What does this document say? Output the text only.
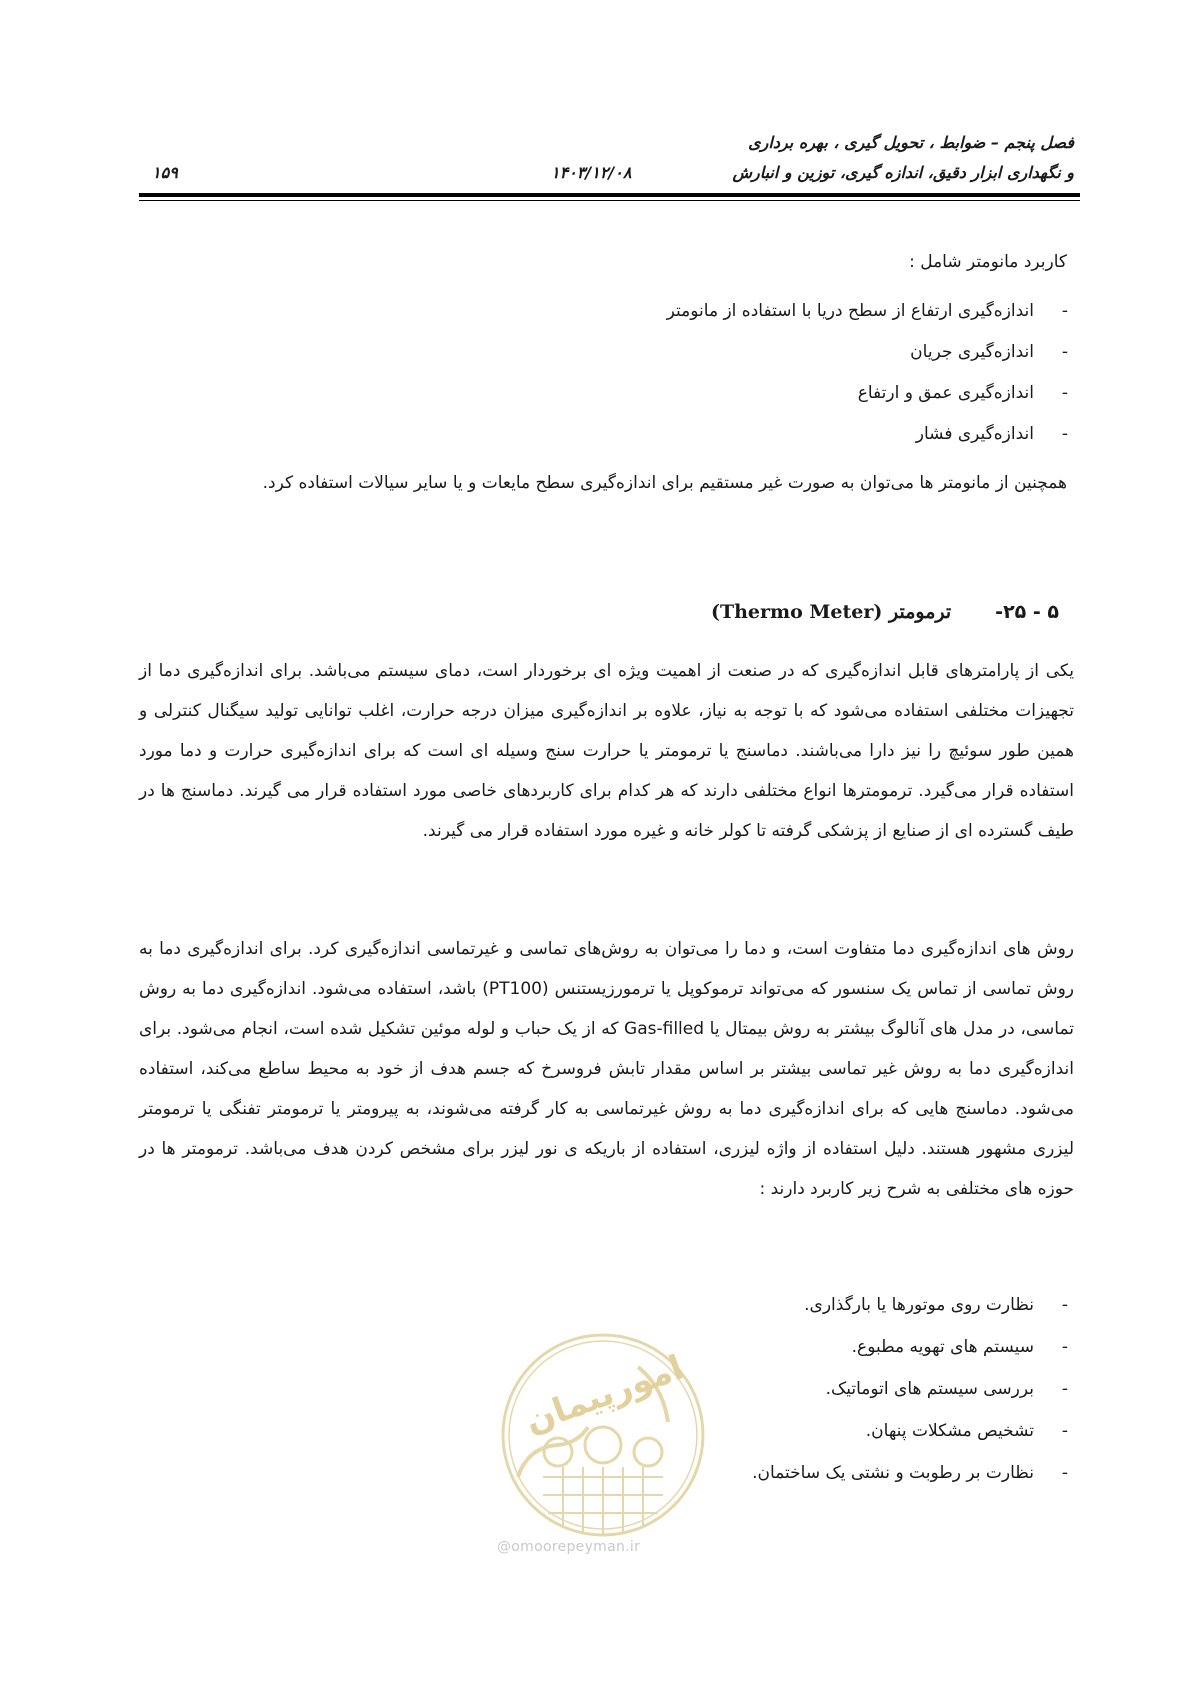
فصل پنجم – ضوابط ، تحویل گیری ، بهره برداری
و نگهداری ابزار دقیق، اندازه گیری، توزین و انبارش
۱۴۰۳/۱۲/۰۸
۱۵۹
کاربرد مانومتر شامل :
-اندازه‌گیری ارتفاع از سطح دریا با استفاده از مانومتر
-اندازه‌گیری جریان
-اندازه‌گیری عمق و ارتفاع
-اندازه‌گیری فشار
همچنین از مانومتر ها می‌توان به صورت غیر مستقیم برای اندازه‌گیری سطح مایعات و یا سایر سیالات استفاده کرد.
۵ - ۲۵-ترمومتر (Thermo Meter)

یکی از پارامترهای قابل اندازه‌گیری که در صنعت از اهمیت ویژه ای برخوردار است، دمای سیستم می‌باشد. برای اندازه‌گیری دما از تجهیزات مختلفی استفاده می‌شود که با توجه به نیاز، علاوه بر اندازه‌گیری میزان درجه حرارت، اغلب توانایی تولید سیگنال کنترلی و همین طور سوئیچ را نیز دارا می‌باشند. دماسنج یا ترمومتر یا حرارت سنج وسیله ای است که برای اندازه‌گیری حرارت و دما مورد استفاده قرار می‌گیرد. ترمومترها انواع مختلفی دارند که هر کدام برای کاربردهای خاصی مورد استفاده قرار می گیرند. دماسنج ها در طیف گسترده ای از صنایع از پزشکی گرفته تا کولر خانه و غیره مورد استفاده قرار می گیرند.

روش های اندازه‌گیری دما متفاوت است، و دما را می‌توان به روش‌های تماسی و غیرتماسی اندازه‌گیری کرد. برای اندازه‌گیری دما به روش تماسی از تماس یک سنسور که می‌تواند ترموکوپل یا ترمورزیستنس (PT100) باشد، استفاده می‌شود. اندازه‌گیری دما به روش تماسی، در مدل های آنالوگ بیشتر به روش بیمتال یا Gas-filled که از یک حباب و لوله موئین تشکیل شده است، انجام می‌شود. برای اندازه‌گیری دما به روش غیر تماسی بیشتر بر اساس مقدار تابش فروسرخ که جسم هدف از خود به محیط ساطع می‌کند، استفاده می‌شود. دماسنج هایی که برای اندازه‌گیری دما به روش غیرتماسی به کار گرفته می‌شوند، به پیرومتر یا ترمومتر تفنگی یا ترمومتر لیزری مشهور هستند. دلیل استفاده از واژه لیزری، استفاده از باریکه ی نور لیزر برای مشخص کردن هدف می‌باشد. ترمومتر ها در حوزه های مختلفی به شرح زیر کاربرد دارند :

-نظارت روی موتورها یا بارگذاری.
-سیستم های تهویه مطبوع.
-بررسی سیستم های اتوماتیک.
-تشخیص مشکلات پنهان.
-نظارت بر رطوبت و نشتی یک ساختمان.
امورپیمان
@omoorepeyman.ir
